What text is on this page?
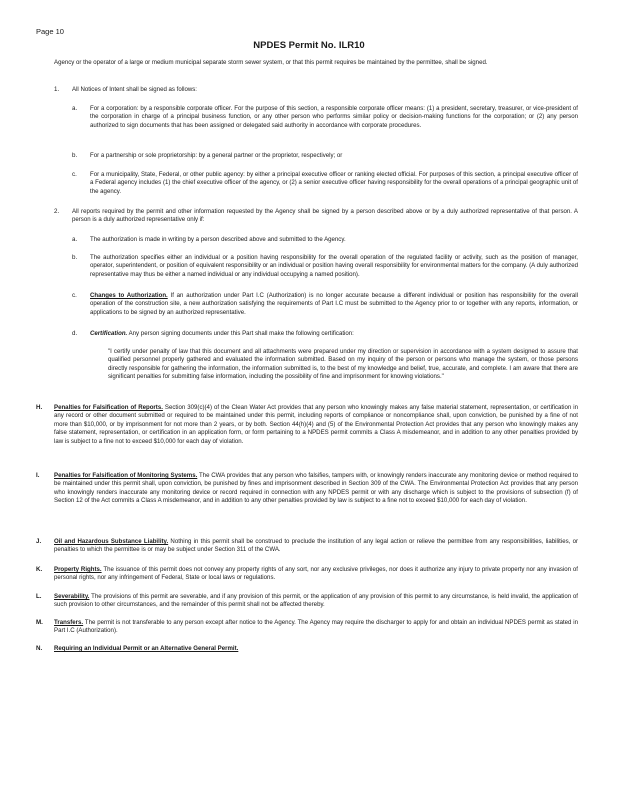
Page 10
NPDES Permit No. ILR10
Agency or the operator of a large or medium municipal separate storm sewer system, or that this permit requires be maintained by the permittee, shall be signed.
1. All Notices of Intent shall be signed as follows:
a. For a corporation: by a responsible corporate officer. For the purpose of this section, a responsible corporate officer means: (1) a president, secretary, treasurer, or vice-president of the corporation in charge of a principal business function, or any other person who performs similar policy or decision-making functions for the corporation; or (2) any person authorized to sign documents that has been assigned or delegated said authority in accordance with corporate procedures.
b. For a partnership or sole proprietorship: by a general partner or the proprietor, respectively; or
c. For a municipality, State, Federal, or other public agency: by either a principal executive officer or ranking elected official. For purposes of this section, a principal executive officer of a Federal agency includes (1) the chief executive officer of the agency, or (2) a senior executive officer having responsibility for the overall operations of a principal geographic unit of the agency.
2. All reports required by the permit and other information requested by the Agency shall be signed by a person described above or by a duly authorized representative of that person. A person is a duly authorized representative only if:
a. The authorization is made in writing by a person described above and submitted to the Agency.
b. The authorization specifies either an individual or a position having responsibility for the overall operation of the regulated facility or activity, such as the position of manager, operator, superintendent, or position of equivalent responsibility or an individual or position having overall responsibility for environmental matters for the company. (A duly authorized representative may thus be either a named individual or any individual occupying a named position).
c. Changes to Authorization. If an authorization under Part I.C (Authorization) is no longer accurate because a different individual or position has responsibility for the overall operation of the construction site, a new authorization satisfying the requirements of Part I.C must be submitted to the Agency prior to or together with any reports, information, or applications to be signed by an authorized representative.
d. Certification. Any person signing documents under this Part shall make the following certification:
"I certify under penalty of law that this document and all attachments were prepared under my direction or supervision in accordance with a system designed to assure that qualified personnel properly gathered and evaluated the information submitted. Based on my inquiry of the person or persons who manage the system, or those persons directly responsible for gathering the information, the information submitted is, to the best of my knowledge and belief, true, accurate, and complete. I am aware that there are significant penalties for submitting false information, including the possibility of fine and imprisonment for knowing violations."
H. Penalties for Falsification of Reports. Section 309(c)(4) of the Clean Water Act provides that any person who knowingly makes any false material statement, representation, or certification in any record or other document submitted or required to be maintained under this permit, including reports of compliance or noncompliance shall, upon conviction, be punished by a fine of not more than $10,000, or by imprisonment for not more than 2 years, or by both. Section 44(h)(4) and (5) of the Environmental Protection Act provides that any person who knowingly makes any false statement, representation, or certification in an application form, or form pertaining to a NPDES permit commits a Class A misdemeanor, and in addition to any other penalties provided by law is subject to a fine not to exceed $10,000 for each day of violation.
I. Penalties for Falsification of Monitoring Systems. The CWA provides that any person who falsifies, tampers with, or knowingly renders inaccurate any monitoring device or method required to be maintained under this permit shall, upon conviction, be punished by fines and imprisonment described in Section 309 of the CWA. The Environmental Protection Act provides that any person who knowingly renders inaccurate any monitoring device or record required in connection with any NPDES permit or with any discharge which is subject to the provisions of subsection (f) of Section 12 of the Act commits a Class A misdemeanor, and in addition to any other penalties provided by law is subject to a fine not to exceed $10,000 for each day of violation.
J. Oil and Hazardous Substance Liability. Nothing in this permit shall be construed to preclude the institution of any legal action or relieve the permittee from any responsibilities, liabilities, or penalties to which the permittee is or may be subject under Section 311 of the CWA.
K. Property Rights. The issuance of this permit does not convey any property rights of any sort, nor any exclusive privileges, nor does it authorize any injury to private property nor any invasion of personal rights, nor any infringement of Federal, State or local laws or regulations.
L. Severability. The provisions of this permit are severable, and if any provision of this permit, or the application of any provision of this permit to any circumstance, is held invalid, the application of such provision to other circumstances, and the remainder of this permit shall not be affected thereby.
M. Transfers. The permit is not transferable to any person except after notice to the Agency. The Agency may require the discharger to apply for and obtain an individual NPDES permit as stated in Part I.C (Authorization).
N. Requiring an Individual Permit or an Alternative General Permit.
